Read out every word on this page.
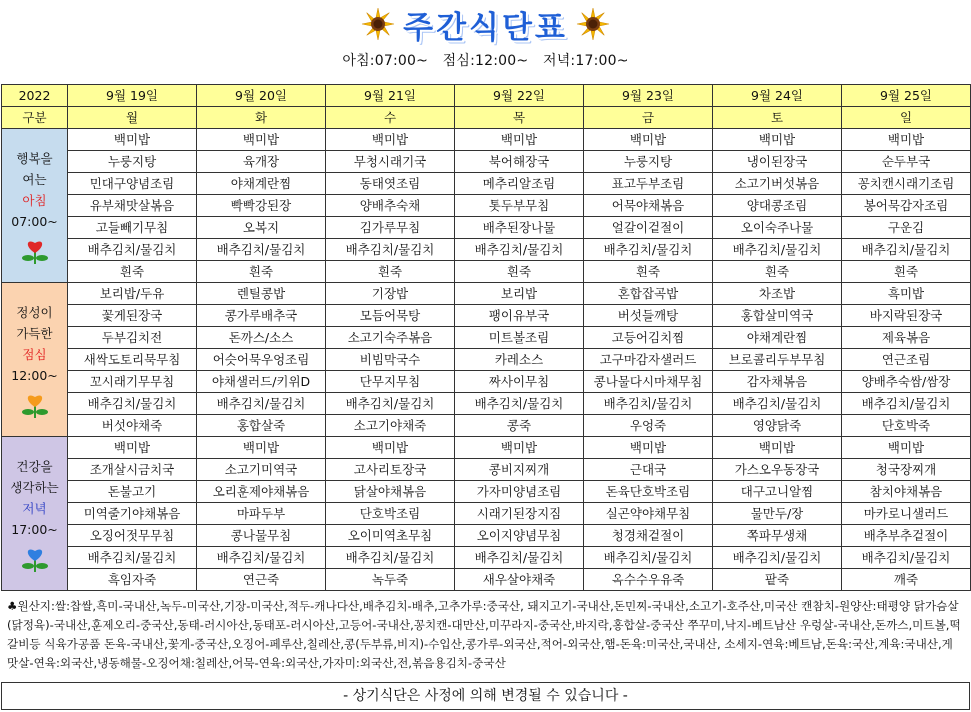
주간식단표
아침:07:00~ 점심:12:00~ 저녁:17:00~
2022	9월 19일	9월 20일	9월 21일	9월 22일	9월 23일	9월 24일	9월 25일
구분	월	화	수	목	금	토	일

행복을
여는
아침
07:00~	백미밥	백미밥	백미밥	백미밥	백미밥	백미밥	백미밥
	누룽지탕	육개장	무청시래기국	북어해장국	누룽지탕	냉이된장국	순두부국
	민대구양념조림	야채계란찜	동태엿조림	메추리알조림	표고두부조림	소고기버섯볶음	꽁치캔시래기조림
	유부채맛살볶음	빡빡강된장	양배추숙채	톳두부무침	어묵야채볶음	양대콩조림	봉어묵감자조림
	고들빼기무침	오복지	김가루무침	배추된장나물	얼갈이겉절이	오이숙주나물	구운김
	배추김치/물김치	배추김치/물김치	배추김치/물김치	배추김치/물김치	배추김치/물김치	배추김치/물김치	배추김치/물김치
	흰죽	흰죽	흰죽	흰죽	흰죽	흰죽	흰죽

정성이
가득한
점심
12:00~	보리밥/두유	렌틸콩밥	기장밥	보리밥	혼합잡곡밥	차조밥	흑미밥
	꽃게된장국	콩가루배추국	모듬어묵탕	팽이유부국	버섯들깨탕	홍합살미역국	바지락된장국
	두부김치전	돈까스/소스	소고기숙주볶음	미트볼조림	고등어김치찜	야채계란찜	제육볶음
	새싹도토리묵무침	어슷어묵우엉조림	비빔막국수	카레소스	고구마감자샐러드	브로콜리두부무침	연근조림
	꼬시래기무무침	야채샐러드/키위D	단무지무침	짜사이무침	콩나물다시마채무침	감자채볶음	양배추숙쌈/쌈장
	배추김치/물김치	배추김치/물김치	배추김치/물김치	배추김치/물김치	배추김치/물김치	배추김치/물김치	배추김치/물김치
	버섯야채죽	홍합살죽	소고기야채죽	콩죽	우엉죽	영양닭죽	단호박죽

건강을
생각하는
저녁
17:00~	백미밥	백미밥	백미밥	백미밥	백미밥	백미밥	백미밥
	조개살시금치국	소고기미역국	고사리토장국	콩비지찌개	근대국	가스오우동장국	청국장찌개
	돈불고기	오리훈제야채볶음	닭살야채볶음	가자미양념조림	돈육단호박조림	대구고니알찜	참치야채볶음
	미역줄기야채볶음	마파두부	단호박조림	시래기된장지짐	실곤약야채무침	물만두/장	마카로니샐러드
	오징어젓무무침	콩나물무침	오이미역초무침	오이지양념무침	청경채겉절이	쪽파무생채	배추부추겉절이
	배추김치/물김치	배추김치/물김치	배추김치/물김치	배추김치/물김치	배추김치/물김치	배추김치/물김치	배추김치/물김치
	흑임자죽	연근죽	녹두죽	새우살야채죽	옥수수우유죽	팥죽	깨죽
♣원산지:쌀:찹쌀,흑미-국내산,녹두-미국산,기장-미국산,적두-캐나다산,배추김치-배추,고추가루:중국산, 돼지고기-국내산,돈민찌-국내산,소고기-호주산,미국산 캔참치-원양산:태평양 닭가슴살(닭정육)-국내산,훈제오리-중국산,동태-러시아산,동태포-러시아산,고등어-국내산,꽁치캔-대만산,미꾸라지-중국산,바지락,홍합살-중국산 쭈꾸미,낙지-베트남산 우렁살-국내산,돈까스,미트볼,떡갈비등 식육가공품 돈육-국내산,꽃게-중국산,오징어-페루산,칠레산,콩(두부류,비지)-수입산,콩가루-외국산,적어-외국산,햄-돈육:미국산,국내산, 소세지-연육:베트남,돈육:국산,계육:국내산,게맛살-연육:외국산,냉동해물-오징어채:칠레산,어묵-연육:외국산,가자미:외국산,전,볶음용김치-중국산
- 상기식단은 사정에 의해 변경될 수 있습니다 -
